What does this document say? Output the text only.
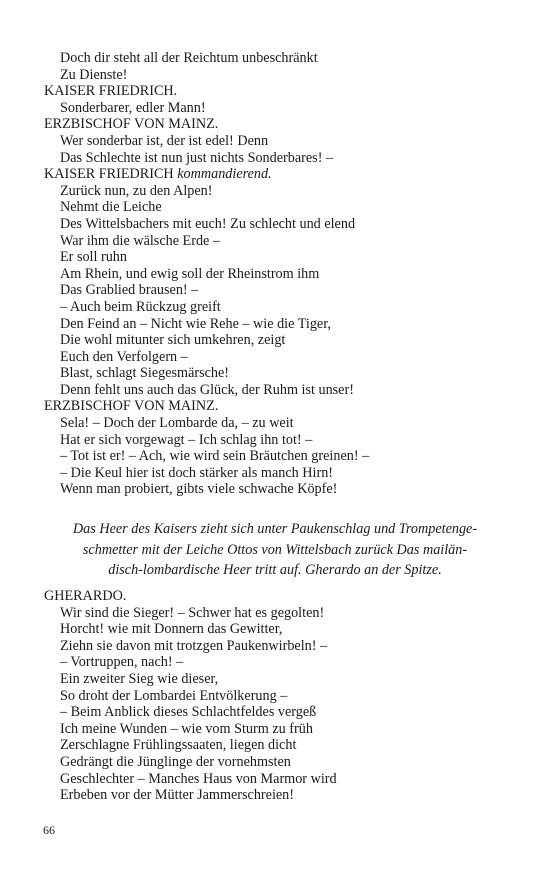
Doch dir steht all der Reichtum unbeschränkt
Zu Dienste!
KAISER FRIEDRICH.
Sonderbarer, edler Mann!
ERZBISCHOF VON MAINZ.
Wer sonderbar ist, der ist edel! Denn
Das Schlechte ist nun just nichts Sonderbares! –
KAISER FRIEDRICH kommandierend.
Zurück nun, zu den Alpen!
Nehmt die Leiche
Des Wittelsbachers mit euch! Zu schlecht und elend
War ihm die wälsche Erde –
Er soll ruhn
Am Rhein, und ewig soll der Rheinstrom ihm
Das Grablied brausen! –
– Auch beim Rückzug greift
Den Feind an – Nicht wie Rehe – wie die Tiger,
Die wohl mitunter sich umkehren, zeigt
Euch den Verfolgern –
Blast, schlagt Siegesmärsche!
Denn fehlt uns auch das Glück, der Ruhm ist unser!
ERZBISCHOF VON MAINZ.
Sela! – Doch der Lombarde da, – zu weit
Hat er sich vorgewagt – Ich schlag ihn tot! –
– Tot ist er! – Ach, wie wird sein Bräutchen greinen! –
– Die Keul hier ist doch stärker als manch Hirn!
Wenn man probiert, gibts viele schwache Köpfe!
Das Heer des Kaisers zieht sich unter Paukenschlag und Trompetenge-
schmetter mit der Leiche Ottos von Wittelsbach zurück Das mailän-
disch-lombardische Heer tritt auf. Gherardo an der Spitze.
GHERARDO.
Wir sind die Sieger! – Schwer hat es gegolten!
Horcht! wie mit Donnern das Gewitter,
Ziehn sie davon mit trotzgen Paukenwirbeln! –
– Vortruppen, nach! –
Ein zweiter Sieg wie dieser,
So droht der Lombardei Entvölkerung –
– Beim Anblick dieses Schlachtfeldes vergeß
Ich meine Wunden – wie vom Sturm zu früh
Zerschlagne Frühlingssaaten, liegen dicht
Gedrängt die Jünglinge der vornehmsten
Geschlechter – Manches Haus von Marmor wird
Erbeben vor der Mütter Jammerschreien!
66
